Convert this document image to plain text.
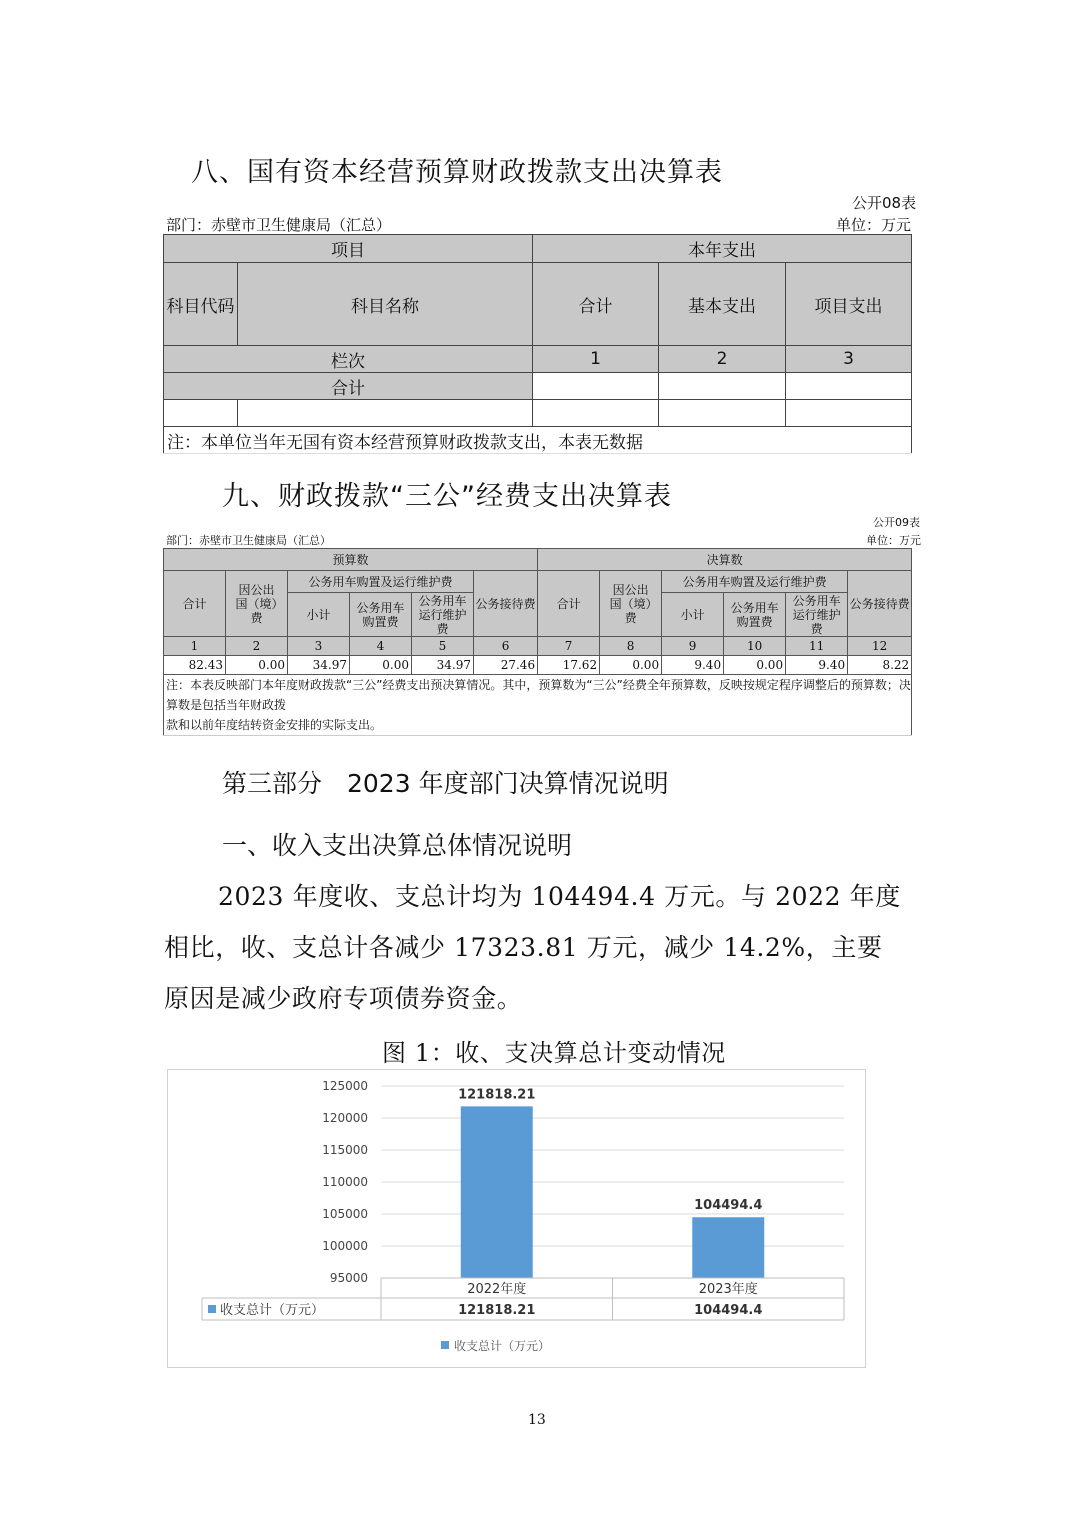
八、国有资本经营预算财政拨款支出决算表
公开08表
部门：赤壁市卫生健康局（汇总）	单位：万元
项目		本年支出		
科目代码	科目名称	合计	基本支出	项目支出
栏次		1	2	3
合计				

注：本单位当年无国有资本经营预算财政拨款支出，本表无数据				
九、财政拨款“三公”经费支出决算表
公开09表
部门：赤壁市卫生健康局（汇总）	单位：万元
预算数						决算数					
合计	因公出国（境）费	公务用车购置及运行维护费			公务接待费	合计	因公出国（境）费	公务用车购置及运行维护费			公务接待费
		小计	公务用车购置费	公务用车运行维护费				小计	公务用车购置费	公务用车运行维护费	
1	2	3	4	5	6	7	8	9	10	11	12
82.43	0.00	34.97	0.00	34.97	27.46	17.62	0.00	9.40	0.00	9.40	8.22

注：本表反映部门本年度财政拨款“三公”经费支出预决算情况。其中，预算数为“三公”经费全年预算数，反映按规定程序调整后的预算数；决算数是包括当年财政拨
款和以前年度结转资金安排的实际支出。											
第三部分　2023 年度部门决算情况说明
一、收入支出决算总体情况说明
2023 年度收、支总计均为 104494.4 万元。与 2022 年度
相比，收、支总计各减少 17323.81 万元，减少 14.2%，主要
原因是减少政府专项债券资金。
图 1：收、支决算总计变动情况
95000
100000
105000
110000
115000
120000
125000
121818.21
104494.4
2022年度
121818.21
2023年度
104494.4
收支总计（万元）
收支总计（万元）
13
